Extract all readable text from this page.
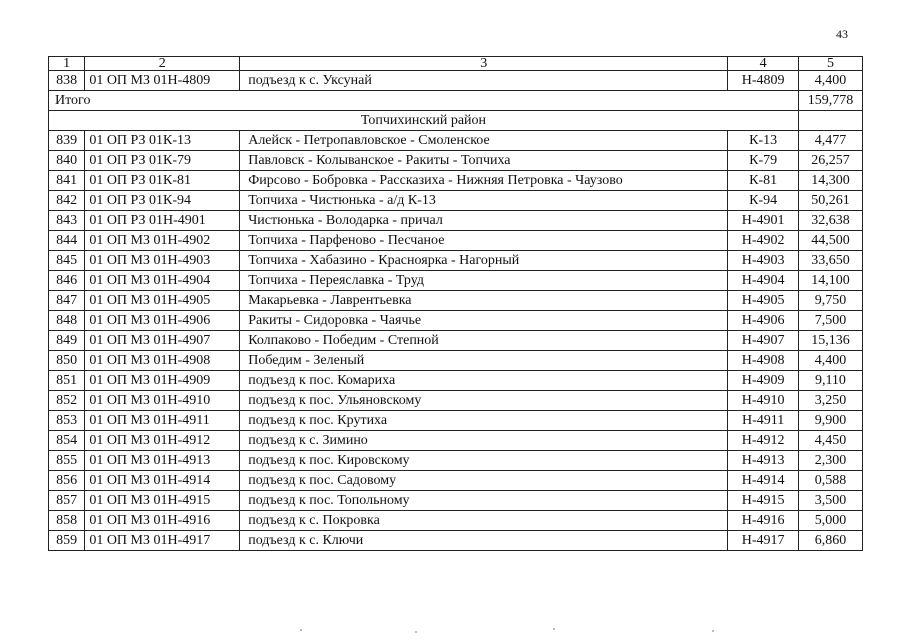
43
1	2	3	4	5
838	01 ОП МЗ 01Н-4809	подъезд к с. Уксунай	Н-4809	4,400
Итого				159,778
Топчихинский район				
839	01 ОП РЗ 01К-13	Алейск - Петропавловское - Смоленское	К-13	4,477
840	01 ОП РЗ 01К-79	Павловск - Колыванское - Ракиты - Топчиха	К-79	26,257
841	01 ОП РЗ 01К-81	Фирсово - Бобровка - Рассказиха - Нижняя Петровка - Чаузово	К-81	14,300
842	01 ОП РЗ 01К-94	Топчиха - Чистюнька - а/д К-13	К-94	50,261
843	01 ОП РЗ 01Н-4901	Чистюнька - Володарка - причал	Н-4901	32,638
844	01 ОП МЗ 01Н-4902	Топчиха - Парфеново - Песчаное	Н-4902	44,500
845	01 ОП МЗ 01Н-4903	Топчиха - Хабазино - Красноярка - Нагорный	Н-4903	33,650
846	01 ОП МЗ 01Н-4904	Топчиха - Переяславка - Труд	Н-4904	14,100
847	01 ОП МЗ 01Н-4905	Макарьевка - Лаврентьевка	Н-4905	9,750
848	01 ОП МЗ 01Н-4906	Ракиты - Сидоровка - Чаячье	Н-4906	7,500
849	01 ОП МЗ 01Н-4907	Колпаково - Победим - Степной	Н-4907	15,136
850	01 ОП МЗ 01Н-4908	Победим - Зеленый	Н-4908	4,400
851	01 ОП МЗ 01Н-4909	подъезд к пос. Комариха	Н-4909	9,110
852	01 ОП МЗ 01Н-4910	подъезд к пос. Ульяновскому	Н-4910	3,250
853	01 ОП МЗ 01Н-4911	подъезд к пос. Крутиха	Н-4911	9,900
854	01 ОП МЗ 01Н-4912	подъезд к с. Зимино	Н-4912	4,450
855	01 ОП МЗ 01Н-4913	подъезд к пос. Кировскому	Н-4913	2,300
856	01 ОП МЗ 01Н-4914	подъезд к пос. Садовому	Н-4914	0,588
857	01 ОП МЗ 01Н-4915	подъезд к пос. Топольному	Н-4915	3,500
858	01 ОП МЗ 01Н-4916	подъезд к с. Покровка	Н-4916	5,000
859	01 ОП МЗ 01Н-4917	подъезд к с. Ключи	Н-4917	6,860
